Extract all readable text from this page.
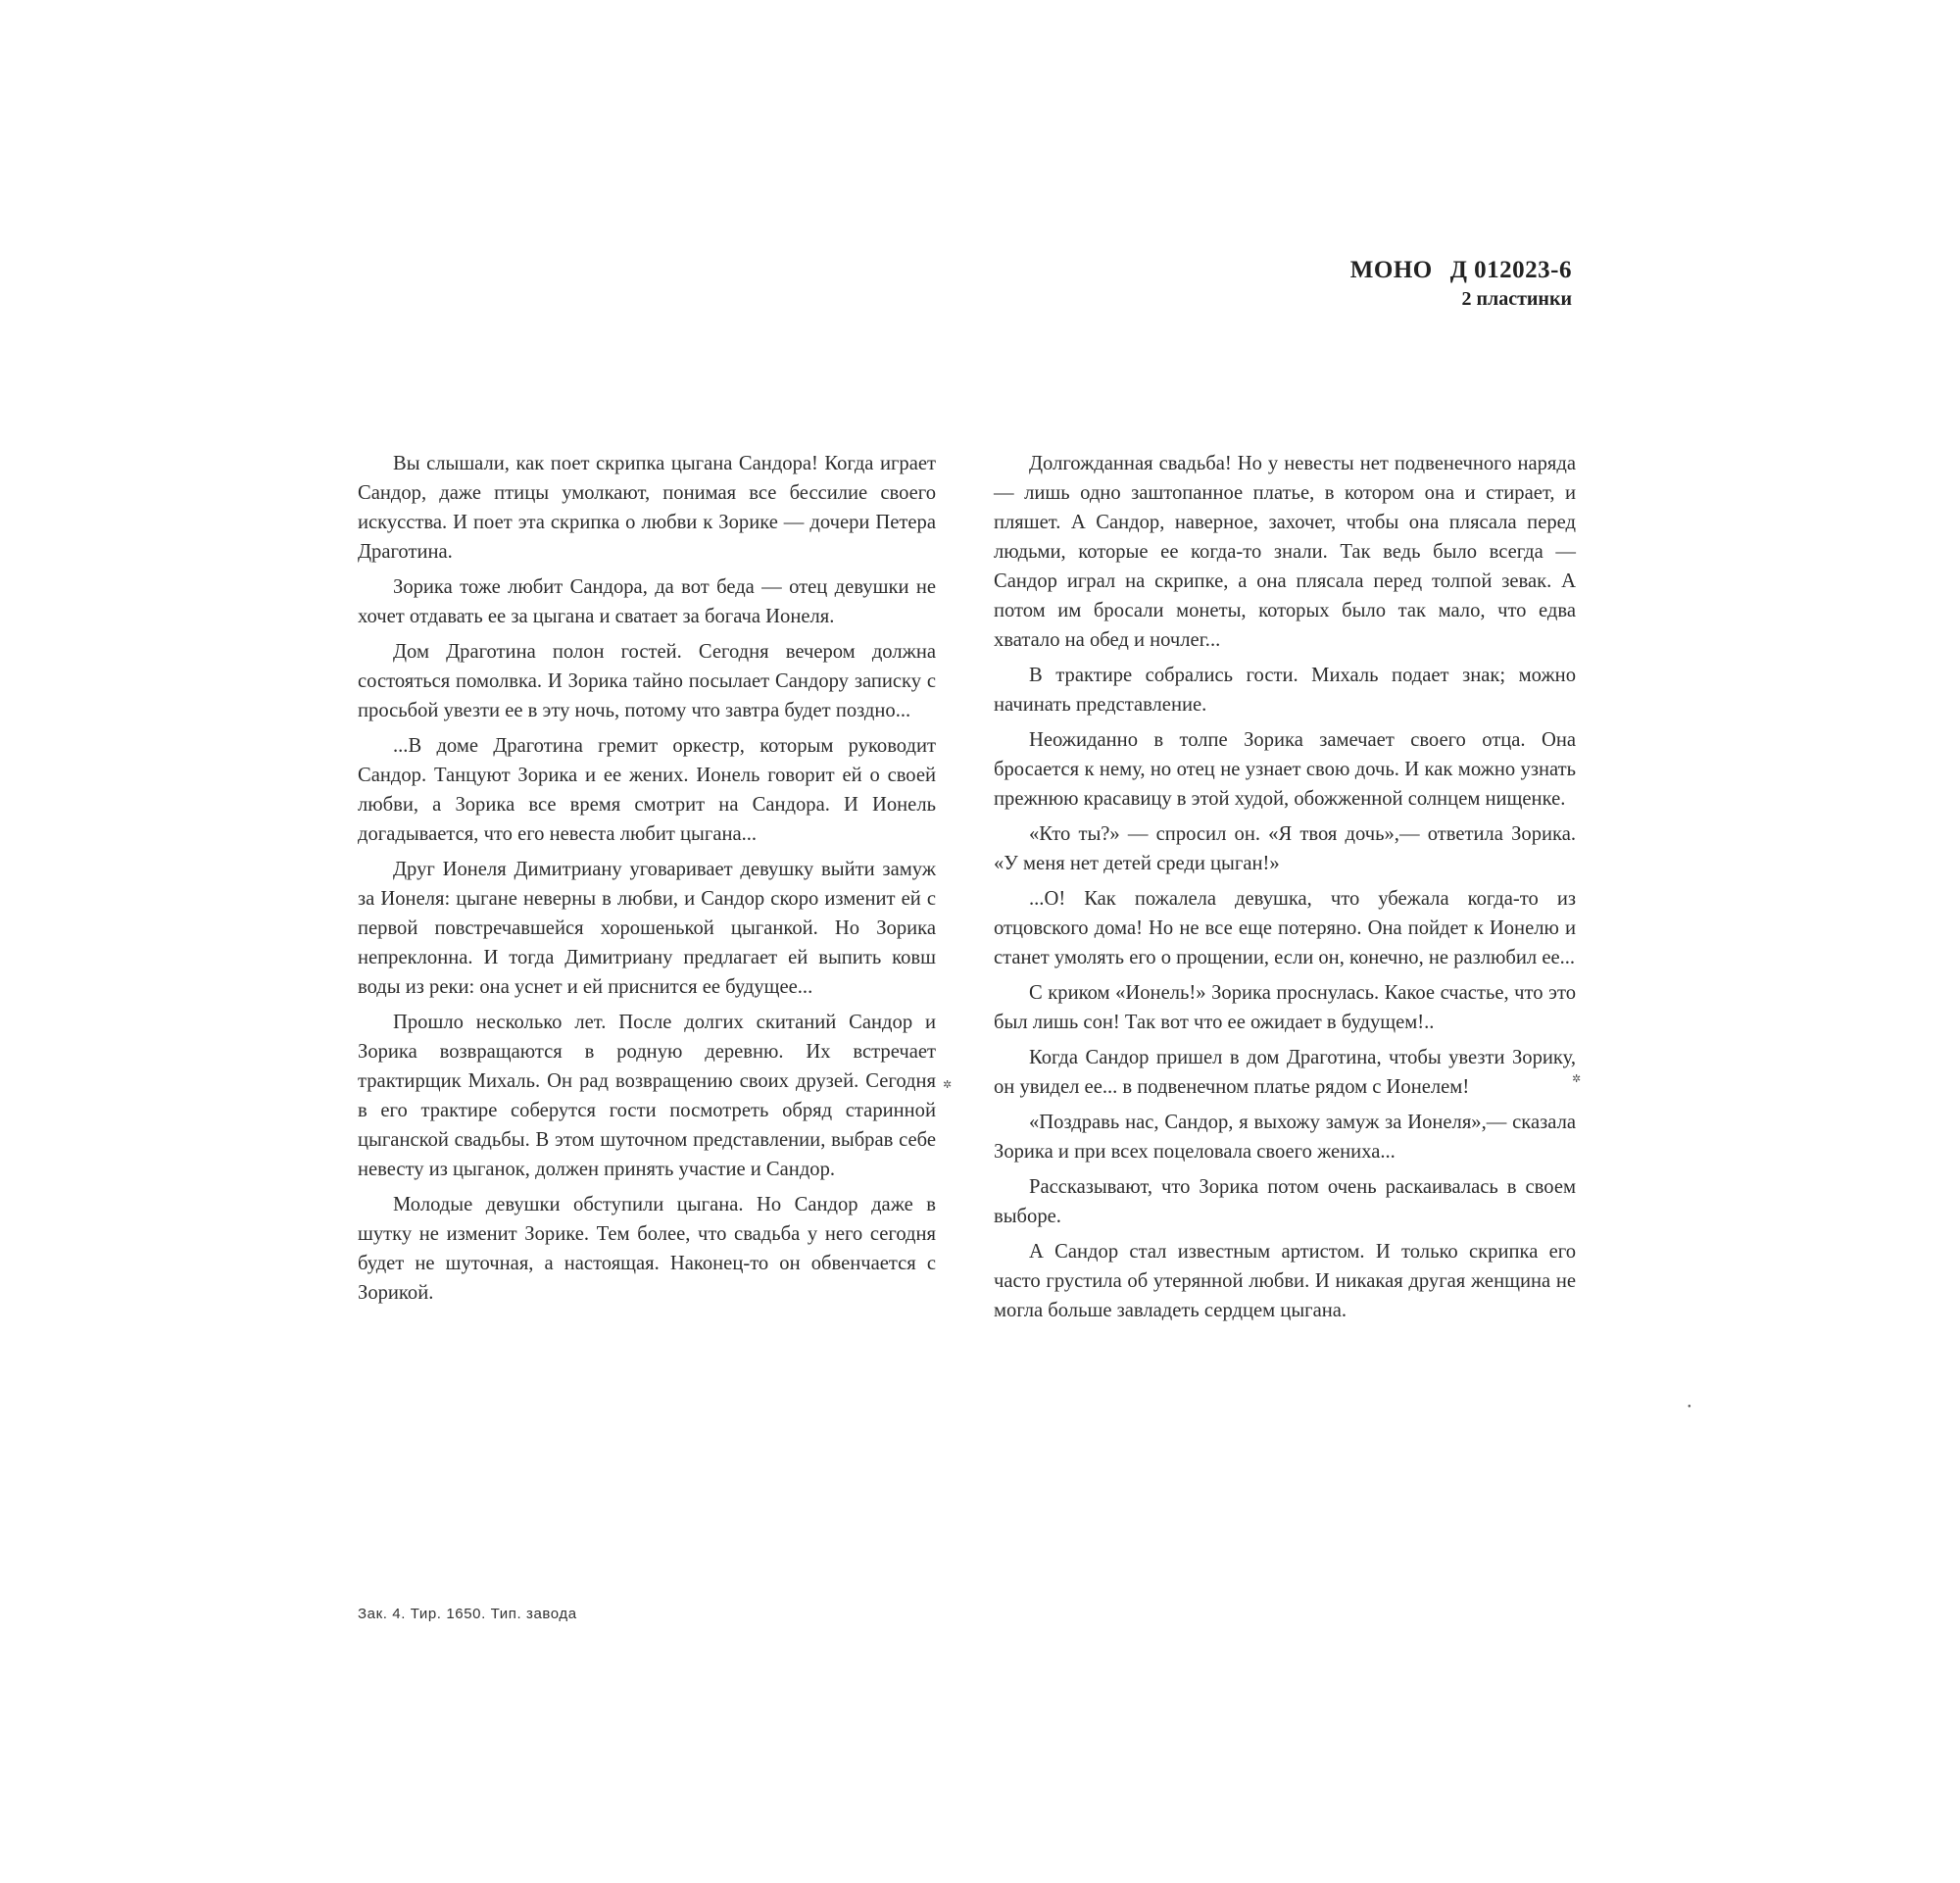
МОНО Д 012023-6
2 пластинки

Вы слышали, как поет скрипка цыгана Сандора! Когда играет Сандор, даже птицы умолкают, понимая все бессилие своего искусства. И поет эта скрипка о любви к Зорике — дочери Петера Драготина.

Зорика тоже любит Сандора, да вот беда — отец девушки не хочет отдавать ее за цыгана и сватает за богача Ионеля.

Дом Драготина полон гостей. Сегодня вечером должна состояться помолвка. И Зорика тайно посылает Сандору записку с просьбой увезти ее в эту ночь, потому что завтра будет поздно...

...В доме Драготина гремит оркестр, которым руководит Сандор. Танцуют Зорика и ее жених. Ионель говорит ей о своей любви, а Зорика все время смотрит на Сандора. И Ионель догадывается, что его невеста любит цыгана...

Друг Ионеля Димитриану уговаривает девушку выйти замуж за Ионеля: цыгане неверны в любви, и Сандор скоро изменит ей с первой повстречавшейся хорошенькой цыганкой. Но Зорика непреклонна. И тогда Димитриану предлагает ей выпить ковш воды из реки: она уснет и ей приснится ее будущее...

Прошло несколько лет. После долгих скитаний Сандор и Зорика возвращаются в родную деревню. Их встречает трактирщик Михаль. Он рад возвращению своих друзей. Сегодня в его трактире соберутся гости посмотреть обряд старинной цыганской свадьбы. В этом шуточном представлении, выбрав себе невесту из цыганок, должен принять участие и Сандор.

Молодые девушки обступили цыгана. Но Сандор даже в шутку не изменит Зорике. Тем более, что свадьба у него сегодня будет не шуточная, а настоящая. Наконец-то он обвенчается с Зорикой.

Долгожданная свадьба! Но у невесты нет подвенечного наряда — лишь одно заштопанное платье, в котором она и стирает, и пляшет. А Сандор, наверное, захочет, чтобы она плясала перед людьми, которые ее когда-то знали. Так ведь было всегда — Сандор играл на скрипке, а она плясала перед толпой зевак. А потом им бросали монеты, которых было так мало, что едва хватало на обед и ночлег...

В трактире собрались гости. Михаль подает знак; можно начинать представление.

Неожиданно в толпе Зорика замечает своего отца. Она бросается к нему, но отец не узнает свою дочь. И как можно узнать прежнюю красавицу в этой худой, обожженной солнцем нищенке.

«Кто ты?» — спросил он. «Я твоя дочь»,— ответила Зорика. «У меня нет детей среди цыган!»

...О! Как пожалела девушка, что убежала когда-то из отцовского дома! Но не все еще потеряно. Она пойдет к Ионелю и станет умолять его о прощении, если он, конечно, не разлюбил ее...

С криком «Ионель!» Зорика проснулась. Какое счастье, что это был лишь сон! Так вот что ее ожидает в будущем!..

Когда Сандор пришел в дом Драготина, чтобы увезти Зорику, он увидел ее... в подвенечном платье рядом с Ионелем!

«Поздравь нас, Сандор, я выхожу замуж за Ионеля»,— сказала Зорика и при всех поцеловала своего жениха...

Рассказывают, что Зорика потом очень раскаивалась в своем выборе.

А Сандор стал известным артистом. И только скрипка его часто грустила об утерянной любви. И никакая другая женщина не могла больше завладеть сердцем цыгана.

Зак. 4. Тир. 1650. Тип. завода
✲	✲
●
